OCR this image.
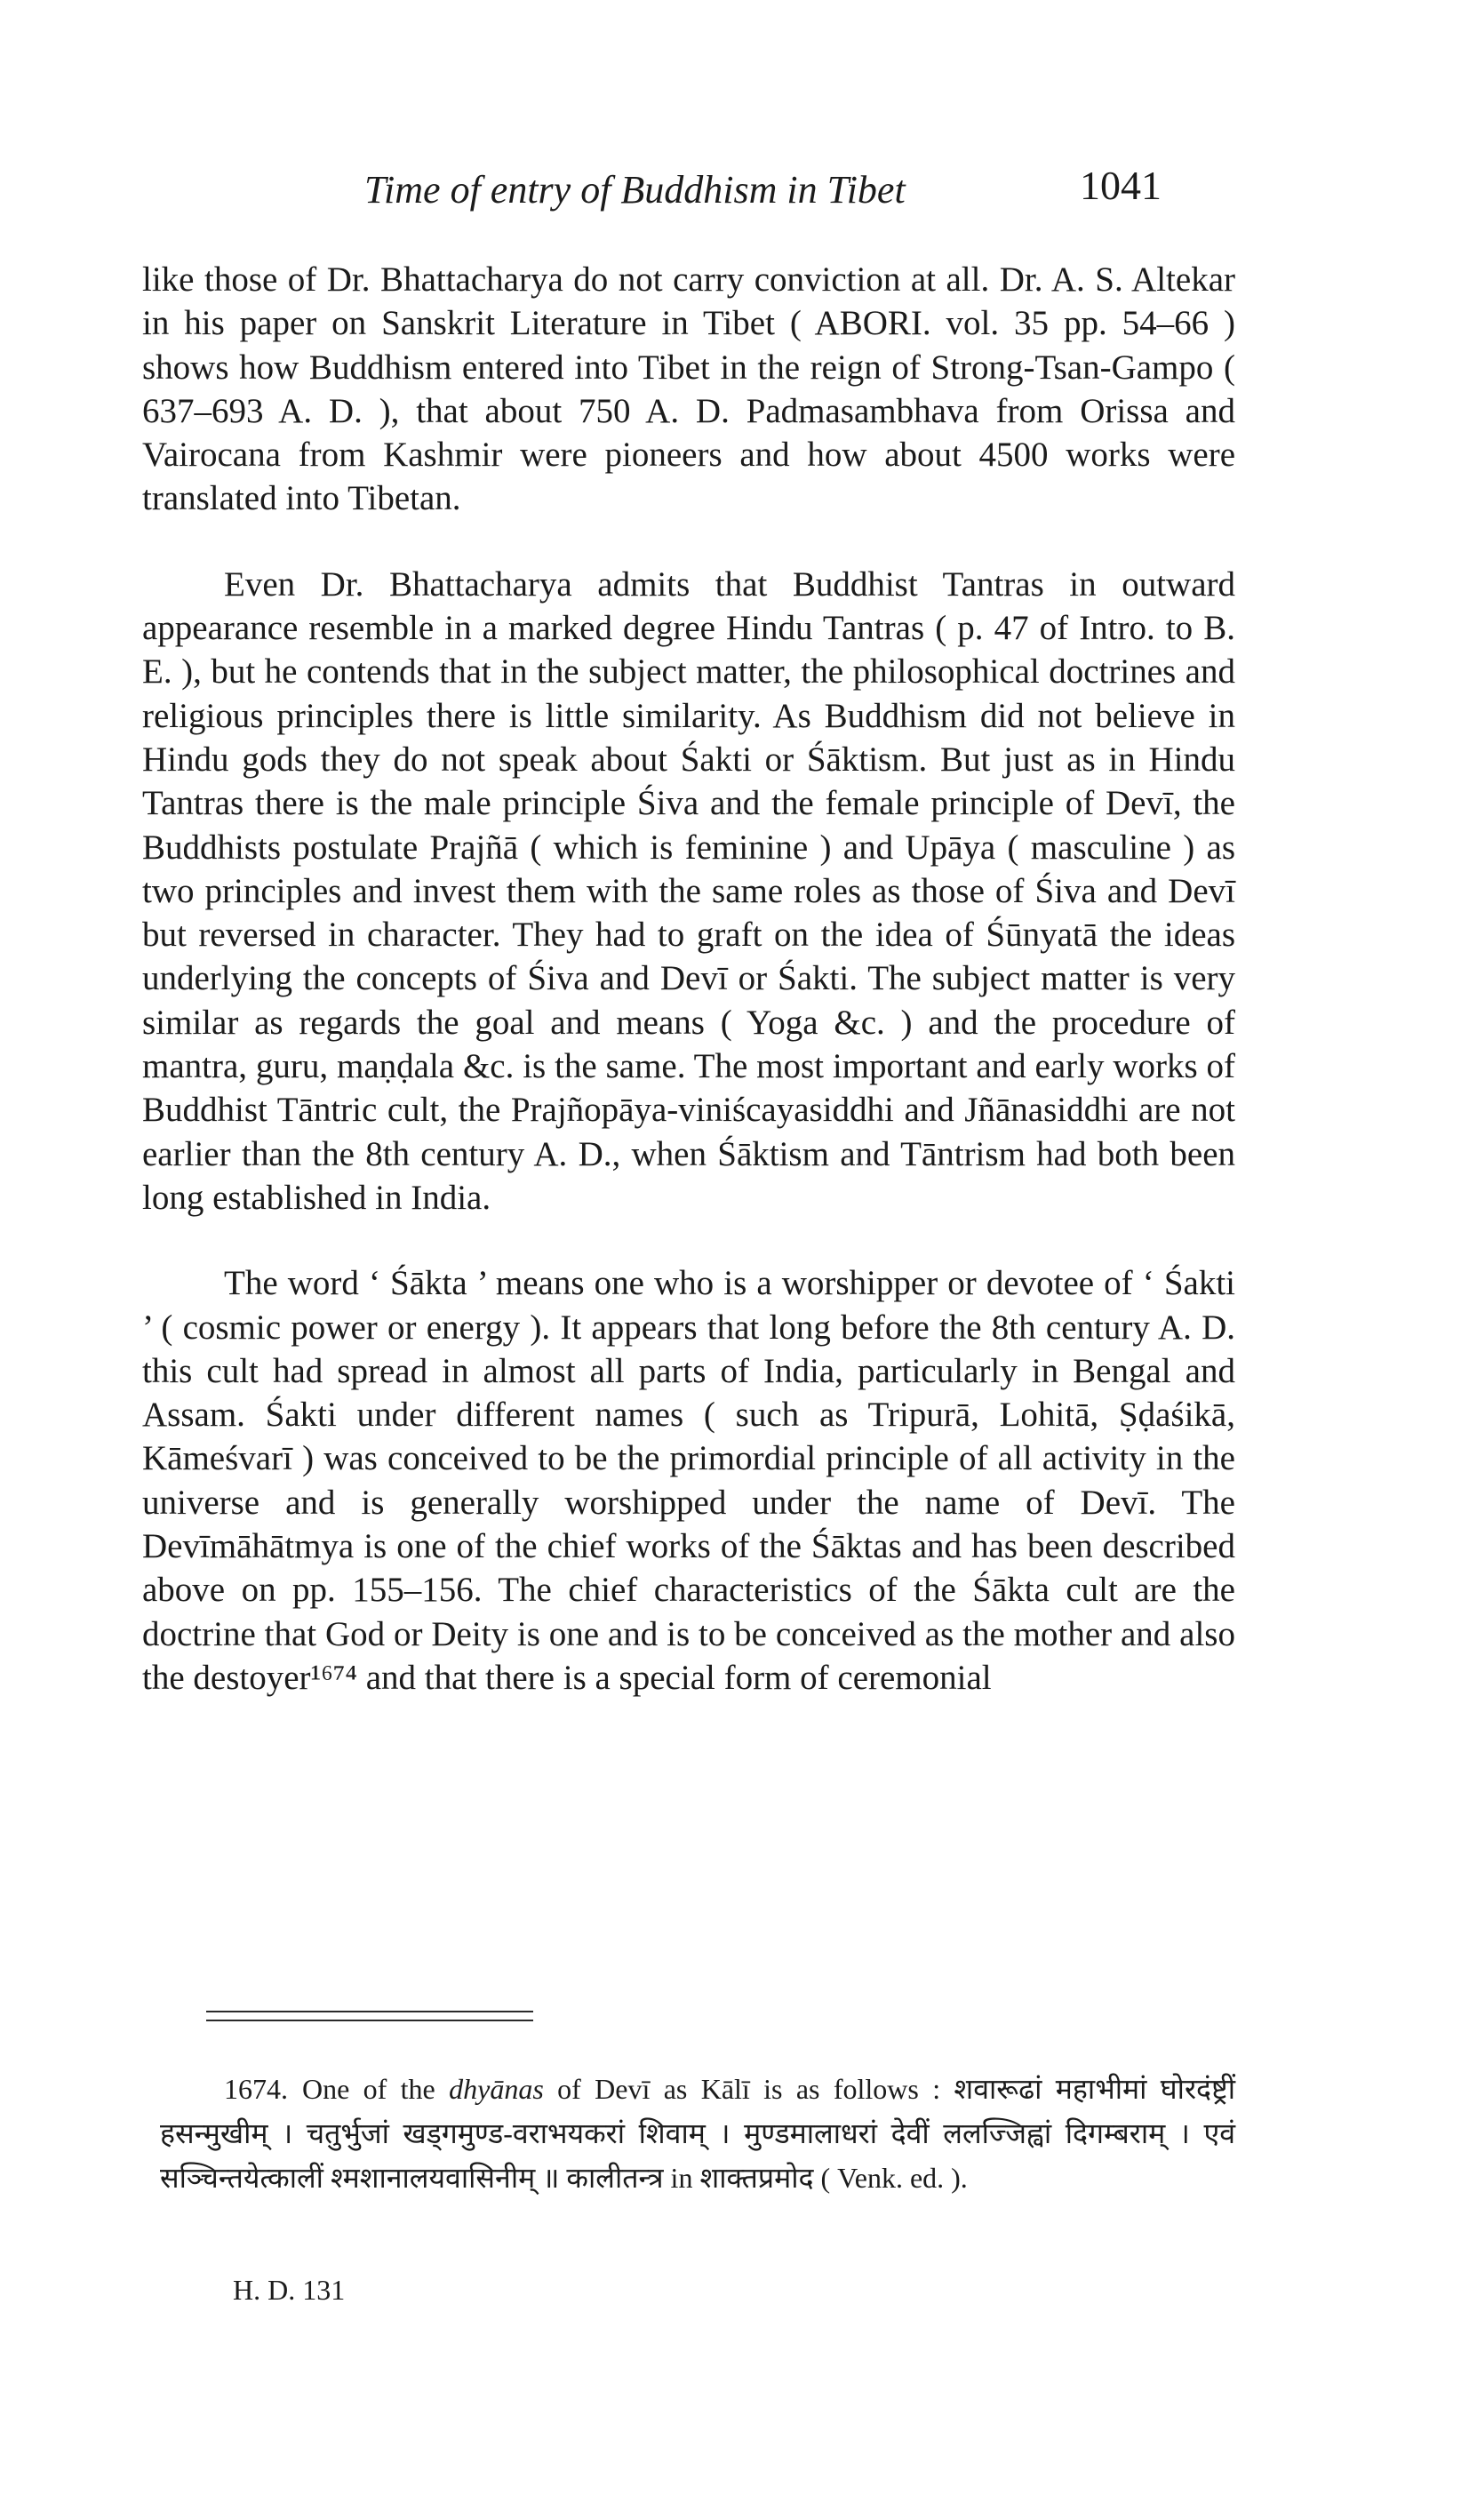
Time of entry of Buddhism in Tibet	1041

like those of Dr. Bhattacharya do not carry conviction at all. Dr. A. S. Altekar in his paper on Sanskrit Literature in Tibet ( ABORI. vol. 35 pp. 54–66 ) shows how Buddhism entered into Tibet in the reign of Strong-Tsan-Gampo ( 637–693 A. D. ), that about 750 A. D. Padmasambhava from Orissa and Vairocana from Kashmir were pioneers and how about 4500 works were translated into Tibetan.

Even Dr. Bhattacharya admits that Buddhist Tantras in outward appearance resemble in a marked degree Hindu Tantras ( p. 47 of Intro. to B. E. ), but he contends that in the subject matter, the philosophical doctrines and religious principles there is little similarity. As Buddhism did not believe in Hindu gods they do not speak about Śakti or Śāktism. But just as in Hindu Tantras there is the male principle Śiva and the female principle of Devī, the Buddhists postulate Prajñā ( which is feminine ) and Upāya ( masculine ) as two principles and invest them with the same roles as those of Śiva and Devī but reversed in character. They had to graft on the idea of Śūnyatā the ideas underlying the concepts of Śiva and Devī or Śakti. The subject matter is very similar as regards the goal and means ( Yoga &c. ) and the procedure of mantra, guru, maṇḍala &c. is the same. The most important and early works of Buddhist Tāntric cult, the Prajñopāya-viniścayasiddhi and Jñānasiddhi are not earlier than the 8th century A. D., when Śāktism and Tāntrism had both been long established in India.

The word ‘ Śākta ’ means one who is a worshipper or devotee of ‘ Śakti ’ ( cosmic power or energy ). It appears that long before the 8th century A. D. this cult had spread in almost all parts of India, particularly in Bengal and Assam. Śakti under different names ( such as Tripurā, Lohitā, Ṣḍaśikā, Kāmeśvarī ) was conceived to be the primordial principle of all activity in the universe and is generally worshipped under the name of Devī. The Devīmāhātmya is one of the chief works of the Śāktas and has been described above on pp. 155–156. The chief characteristics of the Śākta cult are the doctrine that God or Deity is one and is to be conceived as the mother and also the destoyer¹⁶⁷⁴ and that there is a special form of ceremonial

1674. One of the dhyānas of Devī as Kālī is as follows : शवारूढां महाभीमां घोरदंष्ट्रीं हसन्मुखीम् । चतुर्भुजां खड्गमुण्ड-वराभयकरां शिवाम् । मुण्डमालाधरां देवीं ललज्जिह्वां दिगम्बराम् । एवं सञ्चिन्तयेत्कालीं श्मशानालयवासिनीम् ॥ कालीतन्त्र in शाक्तप्रमोद ( Venk. ed. ).
H. D. 131
